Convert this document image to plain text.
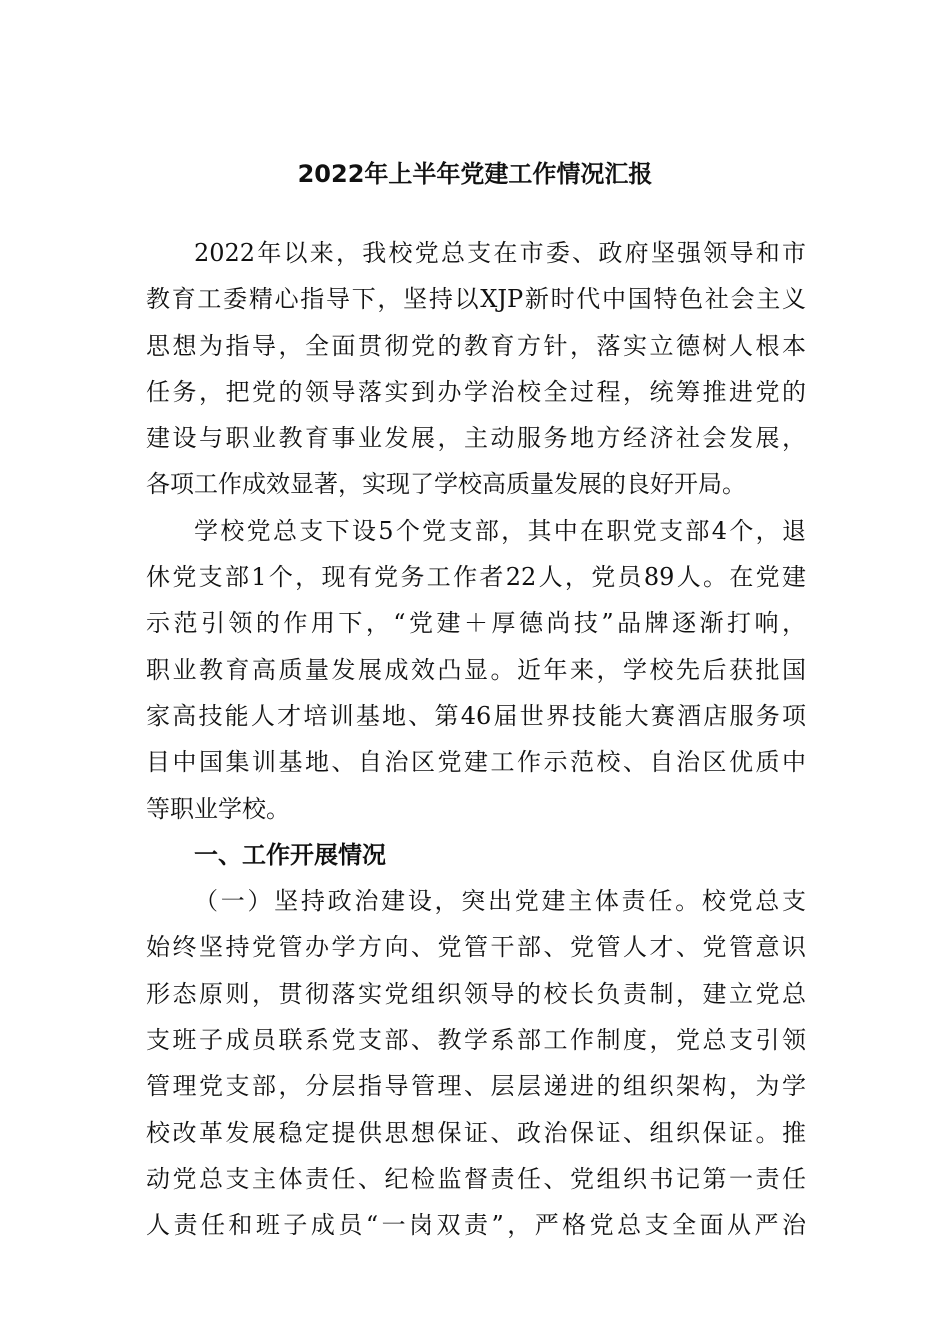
2022年上半年党建工作情况汇报
2022年以来，我校党总支在市委、政府坚强领导和市
教育工委精心指导下，坚持以XJP新时代中国特色社会主义
思想为指导，全面贯彻党的教育方针，落实立德树人根本
任务，把党的领导落实到办学治校全过程，统筹推进党的
建设与职业教育事业发展，主动服务地方经济社会发展，
各项工作成效显著，实现了学校高质量发展的良好开局。
学校党总支下设5个党支部，其中在职党支部4个，退
休党支部1个，现有党务工作者22人，党员89人。在党建
示范引领的作用下，“党建＋厚德尚技”品牌逐渐打响，
职业教育高质量发展成效凸显。近年来，学校先后获批国
家高技能人才培训基地、第46届世界技能大赛酒店服务项
目中国集训基地、自治区党建工作示范校、自治区优质中
等职业学校。
一、工作开展情况
（一）坚持政治建设，突出党建主体责任。校党总支
始终坚持党管办学方向、党管干部、党管人才、党管意识
形态原则，贯彻落实党组织领导的校长负责制，建立党总
支班子成员联系党支部、教学系部工作制度，党总支引领
管理党支部，分层指导管理、层层递进的组织架构，为学
校改革发展稳定提供思想保证、政治保证、组织保证。推
动党总支主体责任、纪检监督责任、党组织书记第一责任
人责任和班子成员“一岗双责”，严格党总支全面从严治
